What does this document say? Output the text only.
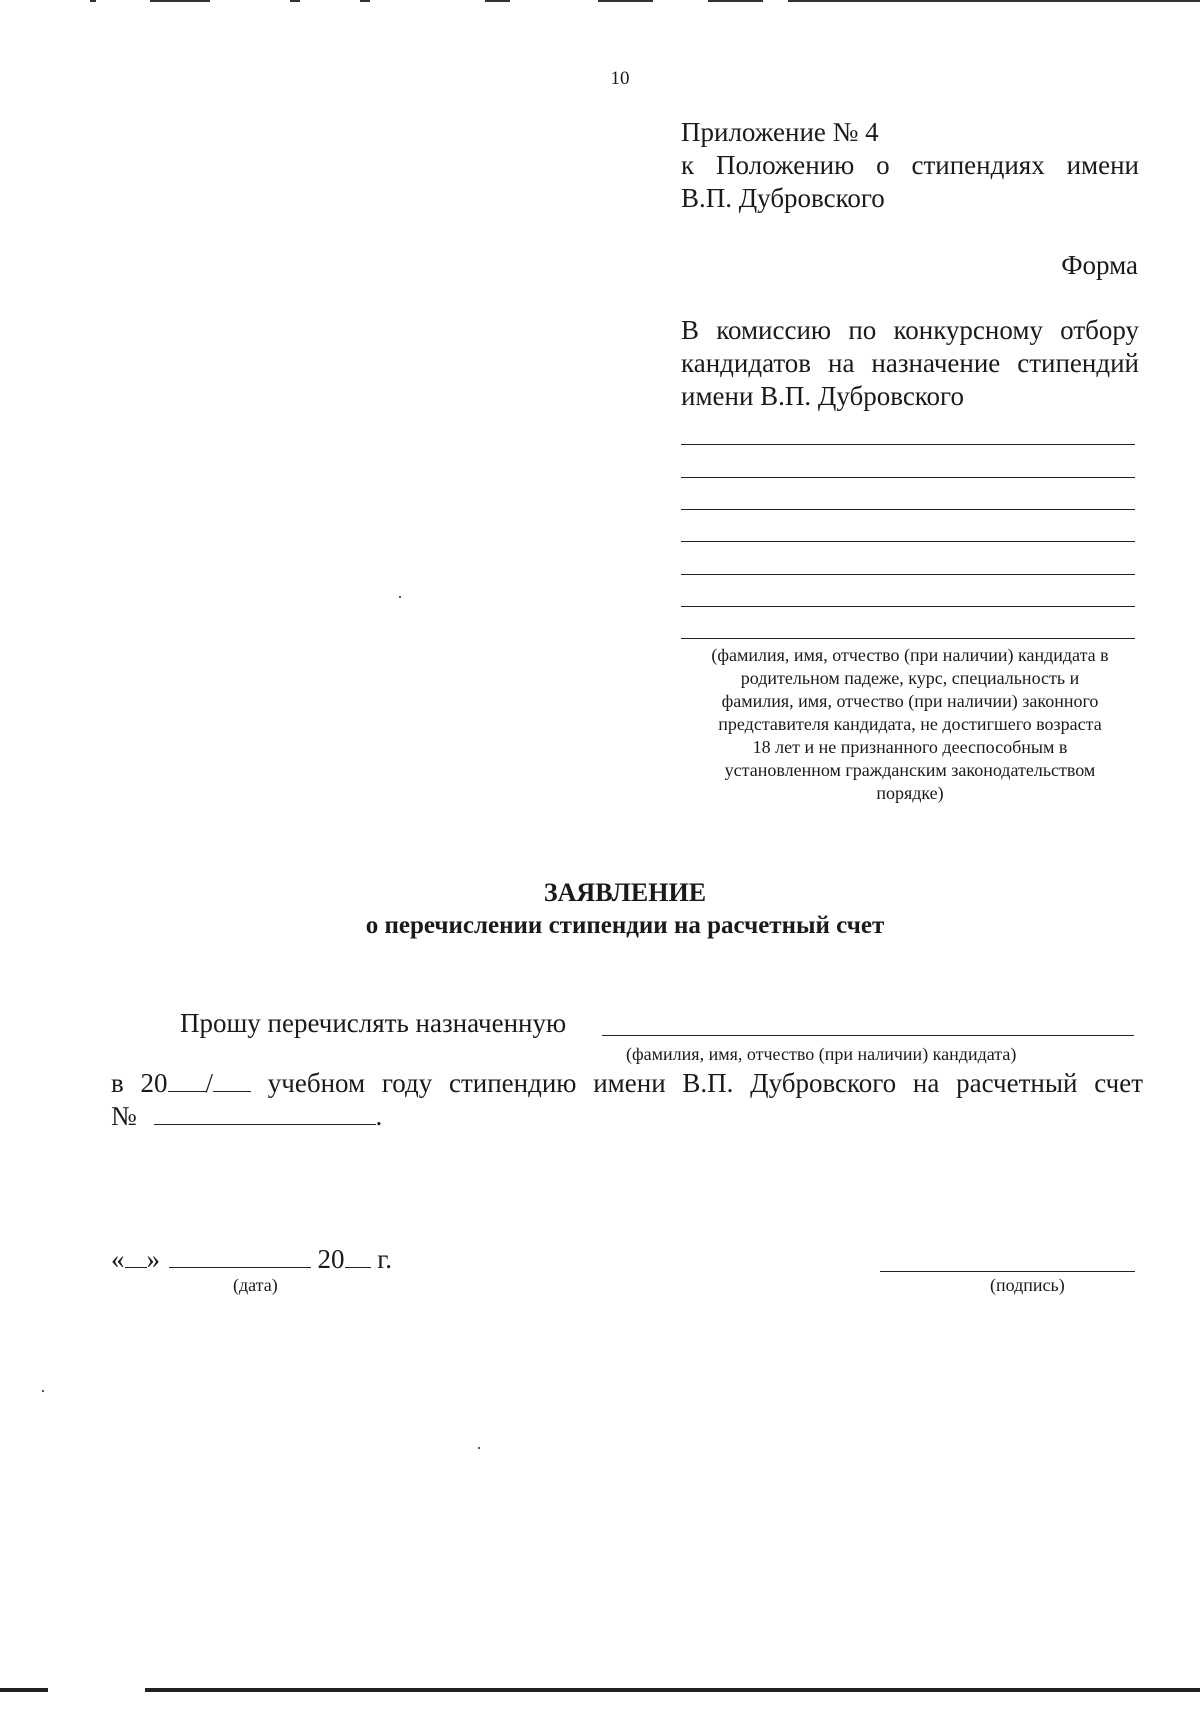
10
Приложение № 4
к Положению о стипендиях имени
В.П. Дубровского
Форма
В комиссию по конкурсному отбору
кандидатов на назначение стипендий
имени В.П. Дубровского
(фамилия, имя, отчество (при наличии) кандидата в
родительном падеже, курс, специальность и
фамилия, имя, отчество (при наличии) законного
представителя кандидата, не достигшего возраста
18 лет и не признанного дееспособным в
установленном гражданским законодательством
порядке)
ЗАЯВЛЕНИЕ
о перечислении стипендии на расчетный счет
Прошу перечислять назначенную
(фамилия, имя, отчество (при наличии) кандидата)
в 20 / учебном году стипендию имени В.П. Дубровского на расчетный счет
№	.
« »	20 г.
(дата)	(подпись)
